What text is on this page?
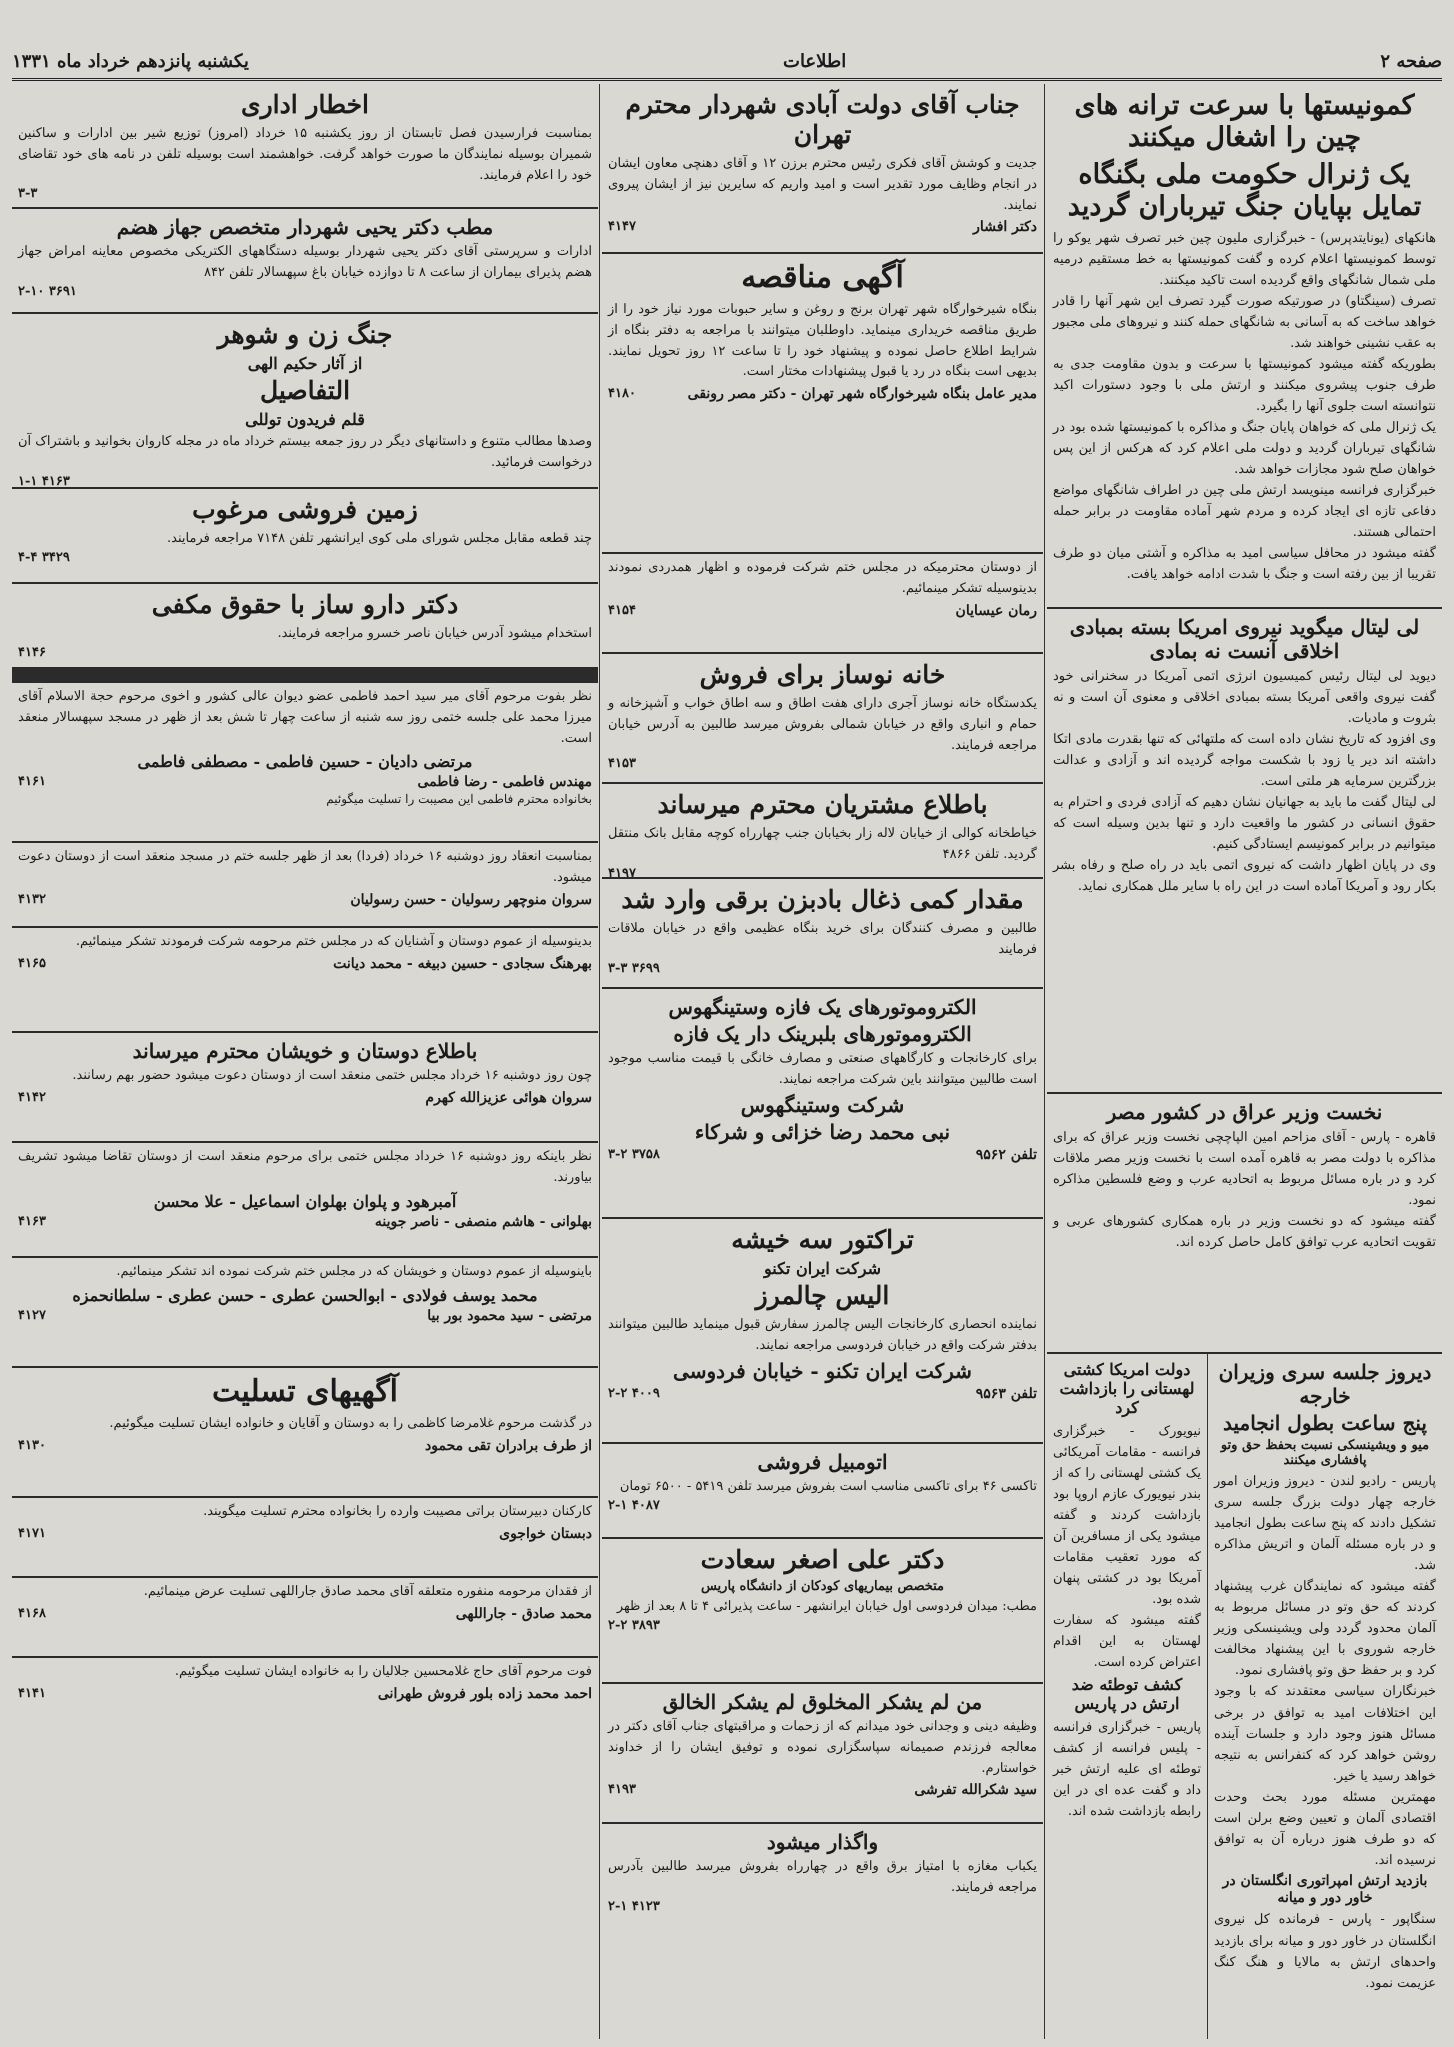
صفحه ۲
اطلاعات
یکشنبه پانزدهم خرداد ماه ۱۳۳۱
کمونیستها با سرعت ترانه های چین را اشغال میکنند
یک ژنرال حکومت ملی بگنگاه تمایل بپایان جنگ تیرباران گردید

هانکهای (یونایتدپرس) - خبرگزاری ملیون چین خبر تصرف شهر یوکو را توسط کمونیستها اعلام کرده و گفت کمونیستها به خط مستقیم درمیه ملی شمال شانگهای واقع گردیده است تاکید میکنند.

تصرف (سینگتاو) در صورتیکه صورت گیرد تصرف این شهر آنها را قادر خواهد ساخت که به آسانی به شانگهای حمله کنند و نیروهای ملی مجبور به عقب نشینی خواهند شد.

بطوریکه گفته میشود کمونیستها با سرعت و بدون مقاومت جدی به طرف جنوب پیشروی میکنند و ارتش ملی با وجود دستورات اکید نتوانسته است جلوی آنها را بگیرد.

یک ژنرال ملی که خواهان پایان جنگ و مذاکره با کمونیستها شده بود در شانگهای تیرباران گردید و دولت ملی اعلام کرد که هرکس از این پس خواهان صلح شود مجازات خواهد شد.

خبرگزاری فرانسه مینویسد ارتش ملی چین در اطراف شانگهای مواضع دفاعی تازه ای ایجاد کرده و مردم شهر آماده مقاومت در برابر حمله احتمالی هستند.

گفته میشود در محافل سیاسی امید به مذاکره و آشتی میان دو طرف تقریبا از بین رفته است و جنگ با شدت ادامه خواهد یافت.

لی لیتال میگوید نیروی امریکا بسته بمبادی اخلاقی آنست نه بمادی

دیوید لی لیتال رئیس کمیسیون انرژی اتمی آمریکا در سخنرانی خود گفت نیروی واقعی آمریکا بسته بمبادی اخلاقی و معنوی آن است و نه بثروت و مادیات.

وی افزود که تاریخ نشان داده است که ملتهائی که تنها بقدرت مادی اتکا داشته اند دیر یا زود با شکست مواجه گردیده اند و آزادی و عدالت بزرگترین سرمایه هر ملتی است.

لی لیتال گفت ما باید به جهانیان نشان دهیم که آزادی فردی و احترام به حقوق انسانی در کشور ما واقعیت دارد و تنها بدین وسیله است که میتوانیم در برابر کمونیسم ایستادگی کنیم.

وی در پایان اظهار داشت که نیروی اتمی باید در راه صلح و رفاه بشر بکار رود و آمریکا آماده است در این راه با سایر ملل همکاری نماید.

نخست وزیر عراق در کشور مصر

قاهره - پارس - آقای مزاحم امین الپاچچی نخست وزیر عراق که برای مذاکره با دولت مصر به قاهره آمده است با نخست وزیر مصر ملاقات کرد و در باره مسائل مربوط به اتحادیه عرب و وضع فلسطین مذاکره نمود.

گفته میشود که دو نخست وزیر در باره همکاری کشورهای عربی و تقویت اتحادیه عرب توافق کامل حاصل کرده اند.

دیروز جلسه سری وزیران خارجه
پنج ساعت بطول انجامید
میو و ویشینسکی نسبت بحفظ حق وتو پافشاری میکنند

پاریس - رادیو لندن - دیروز وزیران امور خارجه چهار دولت بزرگ جلسه سری تشکیل دادند که پنج ساعت بطول انجامید و در باره مسئله آلمان و اتریش مذاکره شد.

گفته میشود که نمایندگان غرب پیشنهاد کردند که حق وتو در مسائل مربوط به آلمان محدود گردد ولی ویشینسکی وزیر خارجه شوروی با این پیشنهاد مخالفت کرد و بر حفظ حق وتو پافشاری نمود.

خبرنگاران سیاسی معتقدند که با وجود این اختلافات امید به توافق در برخی مسائل هنوز وجود دارد و جلسات آینده روشن خواهد کرد که کنفرانس به نتیجه خواهد رسید یا خیر.

مهمترین مسئله مورد بحث وحدت اقتصادی آلمان و تعیین وضع برلن است که دو طرف هنوز درباره آن به توافق نرسیده اند.

بازدید ارتش امپراتوری انگلستان در خاور دور و میانه

سنگاپور - پارس - فرمانده کل نیروی انگلستان در خاور دور و میانه برای بازدید واحدهای ارتش به مالایا و هنگ کنگ عزیمت نمود.

دولت امریکا کشتی لهستانی را بازداشت کرد

نیویورک - خبرگزاری فرانسه - مقامات آمریکائی یک کشتی لهستانی را که از بندر نیویورک عازم اروپا بود بازداشت کردند و گفته میشود یکی از مسافرین آن که مورد تعقیب مقامات آمریکا بود در کشتی پنهان شده بود.

گفته میشود که سفارت لهستان به این اقدام اعتراض کرده است.

کشف توطئه ضد ارتش در پاریس

پاریس - خبرگزاری فرانسه - پلیس فرانسه از کشف توطئه ای علیه ارتش خبر داد و گفت عده ای در این رابطه بازداشت شده اند.

جناب آقای دولت آبادی شهردار محترم تهران

جدیت و کوشش آقای فکری رئیس محترم برزن ۱۲ و آقای دهنچی معاون ایشان در انجام وظایف مورد تقدیر است و امید واریم که سایرین نیز از ایشان پیروی نمایند.

دکتر افشار
۴۱۴۷
آگهی مناقصه

بنگاه شیرخوارگاه شهر تهران برنج و روغن و سایر حبوبات مورد نیاز خود را از طریق مناقصه خریداری مینماید. داوطلبان میتوانند با مراجعه به دفتر بنگاه از شرایط اطلاع حاصل نموده و پیشنهاد خود را تا ساعت ۱۲ روز تحویل نمایند. بدیهی است بنگاه در رد یا قبول پیشنهادات مختار است.

مدیر عامل بنگاه شیرخوارگاه شهر تهران - دکتر مصر رونقی
۴۱۸۰

از دوستان محترمیکه در مجلس ختم شرکت فرموده و اظهار همدردی نمودند بدینوسیله تشکر مینمائیم.

رمان عیسایان
۴۱۵۴
خانه نوساز برای فروش

یکدستگاه خانه نوساز آجری دارای هفت اطاق و سه اطاق خواب و آشپزخانه و حمام و انباری واقع در خیابان شمالی بفروش میرسد طالبین به آدرس خیابان مراجعه فرمایند.

۴۱۵۳
باطلاع مشتریان محترم میرساند

خیاطخانه کوالی از خیابان لاله زار بخیابان جنب چهارراه کوچه مقابل بانک منتقل گردید. تلفن ۴۸۶۶

۴۱۹۷
مقدار کمی ذغال بادبزن برقی وارد شد

طالبین و مصرف کنندگان برای خرید بنگاه عظیمی واقع در خیابان ملاقات فرمایند

۳-۳ ۳۶۹۹
الکتروموتورهای یک فازه وستینگهوس
الکتروموتورهای بلبرینک دار یک فازه

برای کارخانجات و کارگاههای صنعتی و مصارف خانگی با قیمت مناسب موجود است طالبین میتوانند باین شرکت مراجعه نمایند.

شرکت وستینگهوس
نبی محمد رضا خزائی و شرکاء
تلفن ۹۵۶۲
۳-۲ ۳۷۵۸
تراکتور سه خیشه
شرکت ایران تکنو
الیس چالمرز

نماینده انحصاری کارخانجات الیس چالمرز سفارش قبول مینماید طالبین میتوانند بدفتر شرکت واقع در خیابان فردوسی مراجعه نمایند.

شرکت ایران تکنو - خیابان فردوسی
تلفن ۹۵۶۳
۲-۲ ۴۰۰۹
اتومبیل فروشی

تاکسی ۴۶ برای تاکسی مناسب است بفروش میرسد تلفن ۵۴۱۹ - ۶۵۰۰ تومان

۲-۱ ۴۰۸۷
دکتر علی اصغر سعادت
متخصص بیماریهای کودکان از دانشگاه پاریس

مطب: میدان فردوسی اول خیابان ایرانشهر - ساعت پذیرائی ۴ تا ۸ بعد از ظهر

۲-۲ ۳۸۹۳
من لم یشکر المخلوق لم یشکر الخالق

وظیفه دینی و وجدانی خود میدانم که از زحمات و مراقبتهای جناب آقای دکتر در معالجه فرزندم صمیمانه سپاسگزاری نموده و توفیق ایشان را از خداوند خواستارم.

سید شکرالله تفرشی
۴۱۹۳
واگذار میشود

یکباب مغازه با امتیاز برق واقع در چهارراه بفروش میرسد طالبین بآدرس مراجعه فرمایند.

۲-۱ ۴۱۲۳
اخطار اداری

بمناسبت فرارسیدن فصل تابستان از روز یکشنبه ۱۵ خرداد (امروز) توزیع شیر بین ادارات و ساکنین شمیران بوسیله نمایندگان ما صورت خواهد گرفت. خواهشمند است بوسیله تلفن در نامه های خود تقاضای خود را اعلام فرمایند.

۳-۳
مطب دکتر یحیی شهردار متخصص جهاز هضم

ادارات و سرپرستی آقای دکتر یحیی شهردار بوسیله دستگاههای الکتریکی مخصوص معاینه امراض جهاز هضم پذیرای بیماران از ساعت ۸ تا دوازده خیابان باغ سپهسالار تلفن ۸۴۲

۲-۱۰ ۳۶۹۱
جنگ زن و شوهر
از آثار حکیم الهی
التفاصیل
قلم فریدون توللی

وصدها مطالب متنوع و داستانهای دیگر در روز جمعه بیستم خرداد ماه در مجله کاروان بخوانید و باشتراک آن درخواست فرمائید.

۱-۱ ۴۱۶۳
زمین فروشی مرغوب

چند قطعه مقابل مجلس شورای ملی کوی ایرانشهر تلفن ۷۱۴۸ مراجعه فرمایند.

۴-۴ ۳۴۲۹
دکتر دارو ساز با حقوق مکفی

استخدام میشود آدرس خیابان ناصر خسرو مراجعه فرمایند.

۴۱۴۶

نظر بفوت مرحوم آقای میر سید احمد فاطمی عضو دیوان عالی کشور و اخوی مرحوم حجة الاسلام آقای میرزا محمد علی جلسه ختمی روز سه شنبه از ساعت چهار تا شش بعد از ظهر در مسجد سپهسالار منعقد است.

مرتضی دادیان - حسین فاطمی - مصطفی فاطمی
مهندس فاطمی - رضا فاطمی
۴۱۶۱

بخانواده محترم فاطمی این مصیبت را تسلیت میگوئیم

بمناسبت انعقاد روز دوشنبه ۱۶ خرداد (فردا) بعد از ظهر جلسه ختم در مسجد منعقد است از دوستان دعوت میشود.

سروان منوچهر رسولیان - حسن رسولیان
۴۱۳۲

بدینوسیله از عموم دوستان و آشنایان که در مجلس ختم مرحومه شرکت فرمودند تشکر مینمائیم.

بهرهنگ سجادی - حسین دبیغه - محمد دیانت
۴۱۶۵
باطلاع دوستان و خویشان محترم میرساند

چون روز دوشنبه ۱۶ خرداد مجلس ختمی منعقد است از دوستان دعوت میشود حضور بهم رسانند.

سروان هوائی عزیزالله کهرم
۴۱۴۲

نظر باینکه روز دوشنبه ۱۶ خرداد مجلس ختمی برای مرحوم منعقد است از دوستان تقاضا میشود تشریف بیاورند.

آمبرهود و پلوان بهلوان اسماعیل - علا محسن
بهلوانی - هاشم منصفی - ناصر جوینه
۴۱۶۳

باینوسیله از عموم دوستان و خویشان که در مجلس ختم شرکت نموده اند تشکر مینمائیم.

محمد یوسف فولادی - ابوالحسن عطری - حسن عطری - سلطانحمزه
مرتضی - سید محمود بور بیا
۴۱۲۷
آگهیهای تسلیت

در گذشت مرحوم غلامرضا کاظمی را به دوستان و آقایان و خانواده ایشان تسلیت میگوئیم.

از طرف برادران تقی محمود
۴۱۳۰

کارکنان دبیرستان براتی مصیبت وارده را بخانواده محترم تسلیت میگویند.

دبستان خواجوی
۴۱۷۱

از فقدان مرحومه منفوره متعلقه آقای محمد صادق جاراللهی تسلیت عرض مینمائیم.

محمد صادق - جاراللهی
۴۱۶۸

فوت مرحوم آقای حاج غلامحسین جلالیان را به خانواده ایشان تسلیت میگوئیم.

احمد محمد زاده بلور فروش طهرانی
۴۱۴۱
